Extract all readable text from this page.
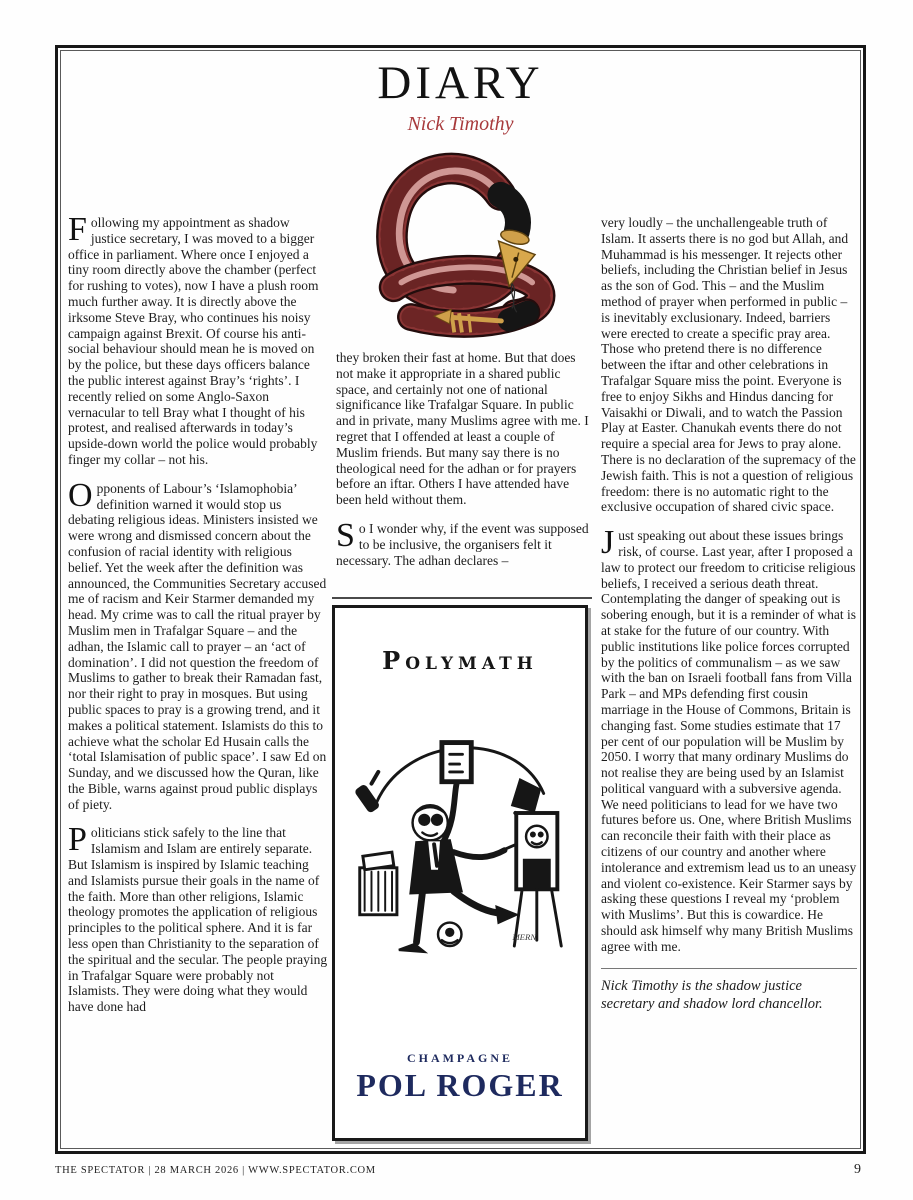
DIARY
Nick Timothy

Following my appointment as shadow justice secretary, I was moved to a bigger office in parliament. Where once I enjoyed a tiny room directly above the chamber (perfect for rushing to votes), now I have a plush room much further away. It is directly above the irksome Steve Bray, who continues his noisy campaign against Brexit. Of course his anti-social behaviour should mean he is moved on by the police, but these days officers balance the public interest against Bray’s ‘rights’. I recently relied on some Anglo-Saxon vernacular to tell Bray what I thought of his protest, and realised afterwards in today’s upside-down world the police would probably finger my collar – not his.

Opponents of Labour’s ‘Islamophobia’ definition warned it would stop us debating religious ideas. Ministers insisted we were wrong and dismissed concern about the confusion of racial identity with religious belief. Yet the week after the definition was announced, the Communities Secretary accused me of racism and Keir Starmer demanded my head. My crime was to call the ritual prayer by Muslim men in Trafalgar Square – and the adhan, the Islamic call to prayer – an ‘act of domination’. I did not question the freedom of Muslims to gather to break their Ramadan fast, nor their right to pray in mosques. But using public spaces to pray is a growing trend, and it makes a political statement. Islamists do this to achieve what the scholar Ed Husain calls the ‘total Islamisation of public space’. I saw Ed on Sunday, and we discussed how the Quran, like the Bible, warns against proud public displays of piety.

Politicians stick safely to the line that Islamism and Islam are entirely separate. But Islamism is inspired by Islamic teaching and Islamists pursue their goals in the name of the faith. More than other religions, Islamic theology promotes the application of religious principles to the political sphere. And it is far less open than Christianity to the separation of the spiritual and the secular. The people praying in Trafalgar Square were probably not Islamists. They were doing what they would have done had

they broken their fast at home. But that does not make it appropriate in a shared public space, and certainly not one of national significance like Trafalgar Square. In public and in private, many Muslims agree with me. I regret that I offended at least a couple of Muslim friends. But many say there is no theological need for the adhan or for prayers before an iftar. Others I have attended have been held without them.

So I wonder why, if the event was supposed to be inclusive, the organisers felt it necessary. The adhan declares –

Polymath
MERN
CHAMPAGNE
POL ROGER

very loudly – the unchallengeable truth of Islam. It asserts there is no god but Allah, and Muhammad is his messenger. It rejects other beliefs, including the Christian belief in Jesus as the son of God. This – and the Muslim method of prayer when performed in public – is inevitably exclusionary. Indeed, barriers were erected to create a specific pray area. Those who pretend there is no difference between the iftar and other celebrations in Trafalgar Square miss the point. Everyone is free to enjoy Sikhs and Hindus dancing for Vaisakhi or Diwali, and to watch the Passion Play at Easter. Chanukah events there do not require a special area for Jews to pray alone. There is no declaration of the supremacy of the Jewish faith. This is not a question of religious freedom: there is no automatic right to the exclusive occupation of shared civic space.

Just speaking out about these issues brings risk, of course. Last year, after I proposed a law to protect our freedom to criticise religious beliefs, I received a serious death threat. Contemplating the danger of speaking out is sobering enough, but it is a reminder of what is at stake for the future of our country. With public institutions like police forces corrupted by the politics of communalism – as we saw with the ban on Israeli football fans from Villa Park – and MPs defending first cousin marriage in the House of Commons, Britain is changing fast. Some studies estimate that 17 per cent of our population will be Muslim by 2050. I worry that many ordinary Muslims do not realise they are being used by an Islamist political vanguard with a subversive agenda. We need politicians to lead for we have two futures before us. One, where British Muslims can reconcile their faith with their place as citizens of our country and another where intolerance and extremism lead us to an uneasy and violent co-existence. Keir Starmer says by asking these questions I reveal my ‘problem with Muslims’. But this is cowardice. He should ask himself why many British Muslims agree with me.

Nick Timothy is the shadow justice secretary and shadow lord chancellor.
THE SPECTATOR | 28 MARCH 2026 | WWW.SPECTATOR.COM	9
